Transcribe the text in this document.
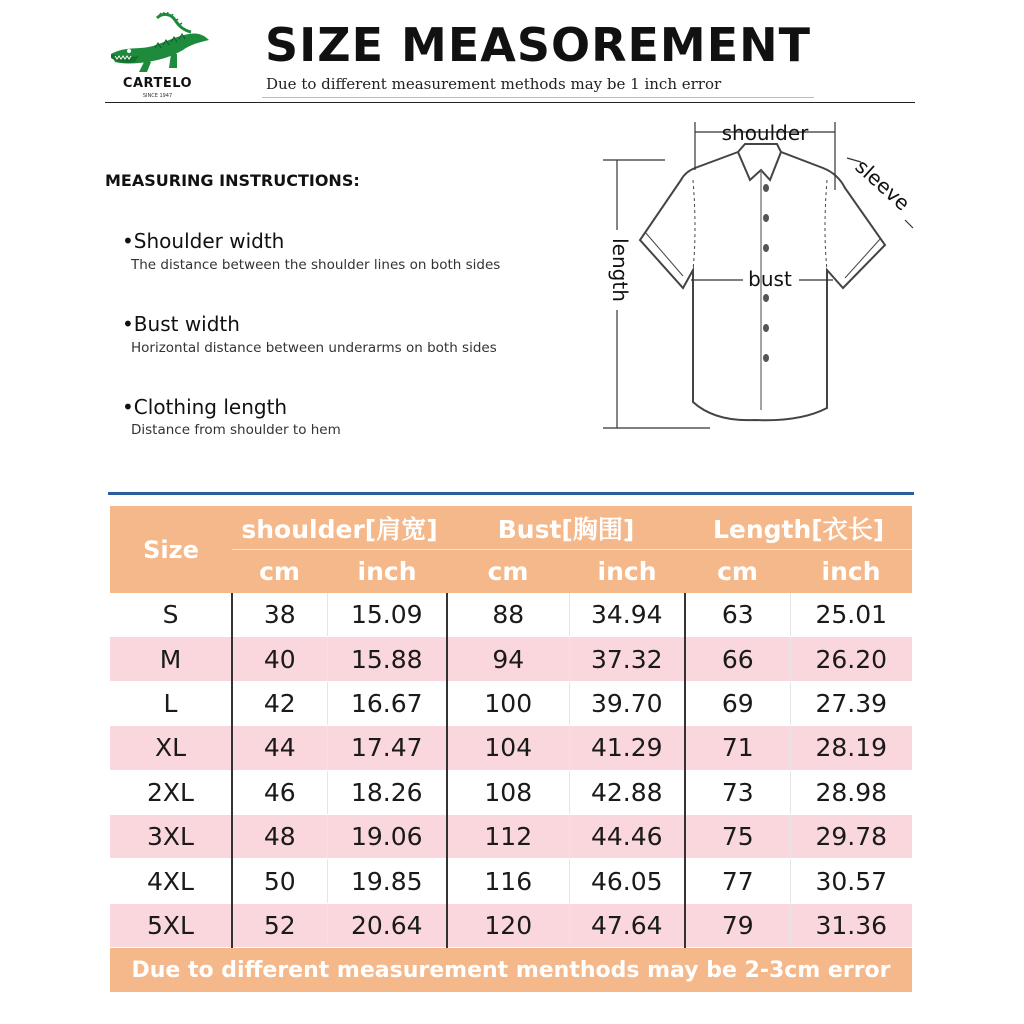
CARTELO
SINCE 1947
SIZE MEASOREMENT
Due to different measurement methods may be 1 inch error
MEASURING INSTRUCTIONS:
•Shoulder width
The distance between the shoulder lines on both sides
•Bust width
Horizontal distance between underarms on both sides
•Clothing length
Distance from shoulder to hem
shoulder
bust
length
sleeve
Size	shoulder[肩宽]		Bust[胸围]		Length[衣长]	
	cm	inch	cm	inch	cm	inch
S	38	15.09	88	34.94	63	25.01
M	40	15.88	94	37.32	66	26.20
L	42	16.67	100	39.70	69	27.39
XL	44	17.47	104	41.29	71	28.19
2XL	46	18.26	108	42.88	73	28.98
3XL	48	19.06	112	44.46	75	29.78
4XL	50	19.85	116	46.05	77	30.57
5XL	52	20.64	120	47.64	79	31.36
Due to different measurement menthods may be 2-3cm error						
